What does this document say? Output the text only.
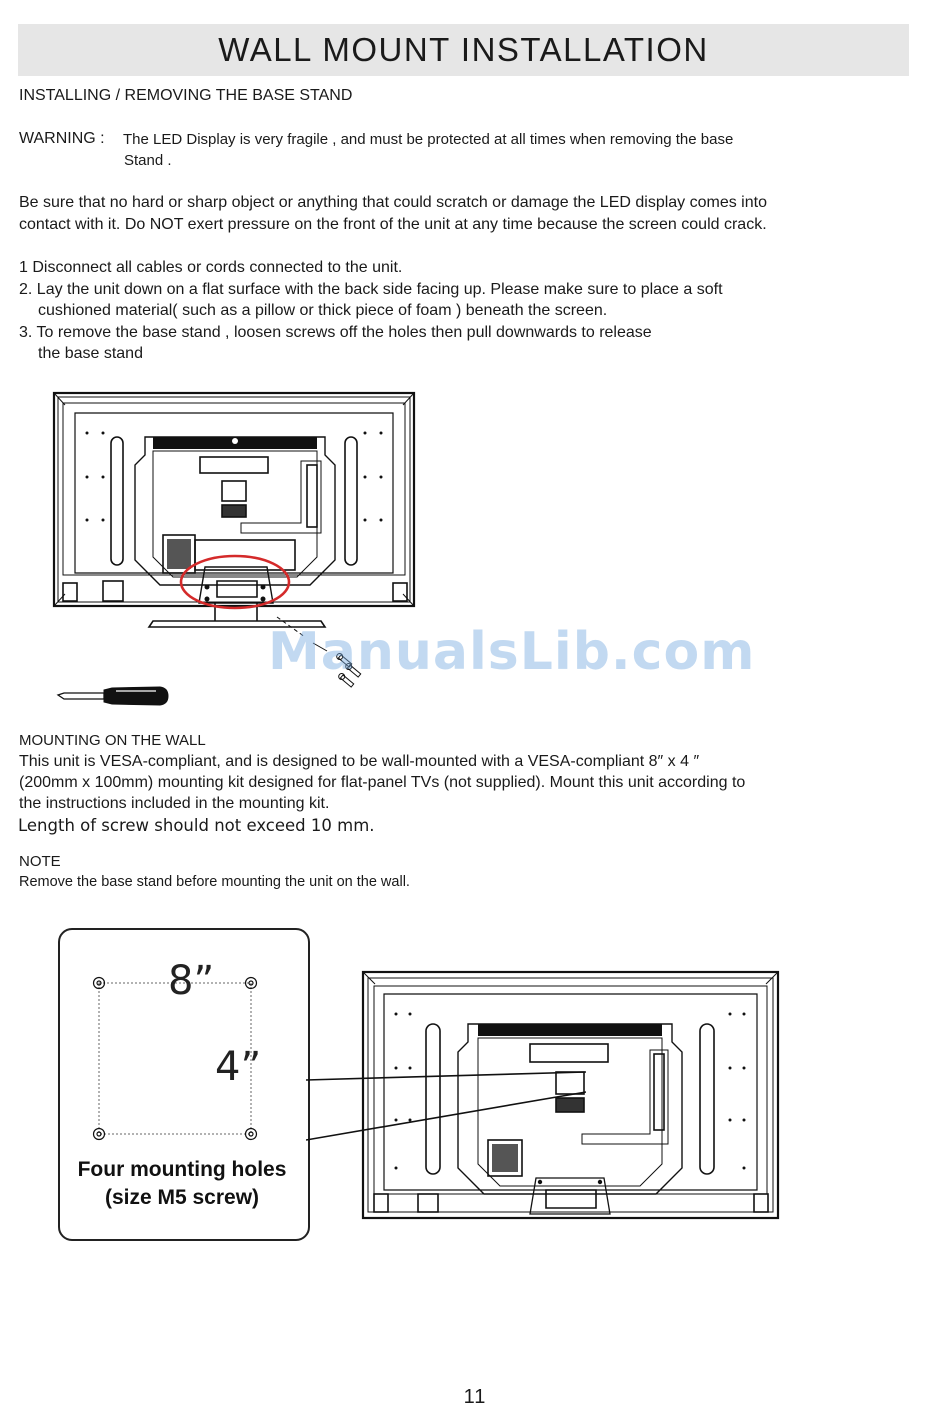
WALL MOUNT INSTALLATION
INSTALLING / REMOVING THE BASE STAND
WARNING : The LED Display is very fragile , and must be protected at all times when removing the base
Stand .
Be sure that no hard or sharp object or anything that could scratch or damage the LED display comes into
contact with it. Do NOT exert pressure on the front of the unit at any time because the screen could crack.
1 Disconnect all cables or cords connected to the unit.
2. Lay the unit down on a flat surface with the back side facing up. Please make sure to place a soft
cushioned material( such as a pillow or thick piece of foam ) beneath the screen.
3. To remove the base stand , loosen screws off the holes then pull downwards to release
the base stand
ManualsLib.com
MOUNTING ON THE WALL
This unit is VESA-compliant, and is designed to be wall-mounted with a VESA-compliant 8″ x 4 ″
(200mm x 100mm) mounting kit designed for flat-panel TVs (not supplied). Mount this unit according to
the instructions included in the mounting kit.
Length of screw should not exceed 10 mm.
NOTE
Remove the base stand before mounting the unit on the wall.
8”
4”
Four mounting holes
(size M5 screw)
11
